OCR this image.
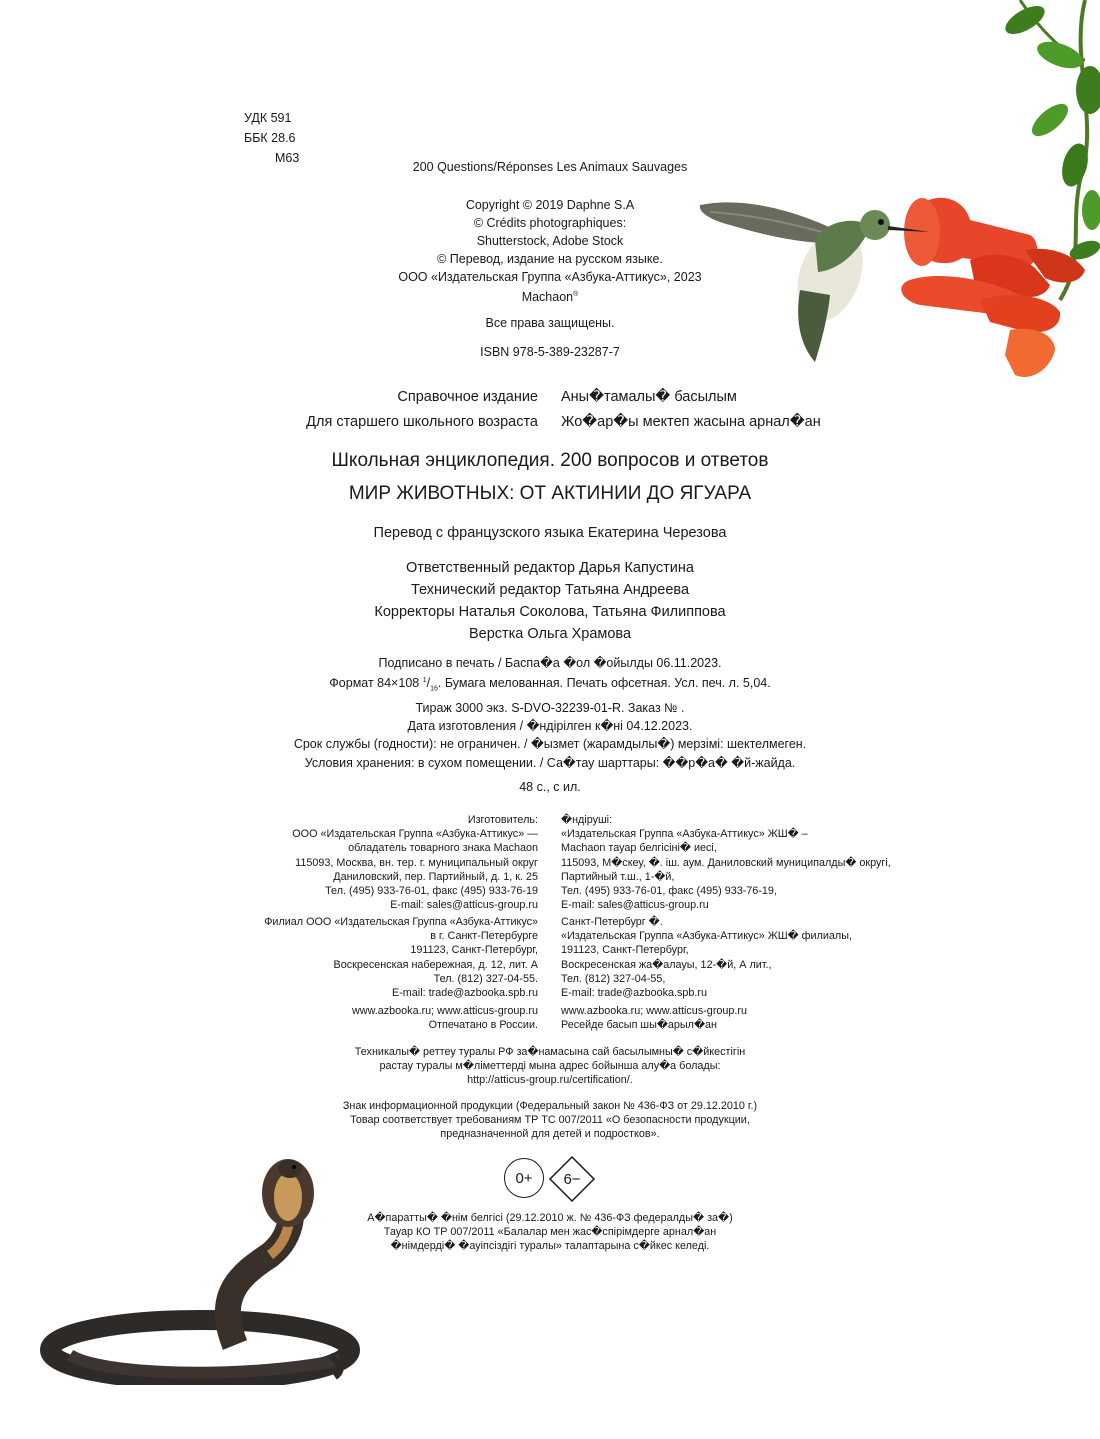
УДК 591
ББК 28.6
М63
200 Questions/Réponses Les Animaux Sauvages
Copyright © 2019 Daphne S.A
© Crédits photographiques:
Shutterstock, Adobe Stock
© Перевод, издание на русском языке.
ООО «Издательская Группа «Азбука-Аттикус», 2023
Machaon®
Все права защищены.
ISBN 978-5-389-23287-7
Справочное издание Аны�тамалы� басылым
Для старшего школьного возраста Жо�ар�ы мектеп жасына арнал�ан
Школьная энциклопедия. 200 вопросов и ответов
МИР ЖИВОТНЫХ: ОТ АКТИНИИ ДО ЯГУАРА
Перевод с французского языка Екатерина Черезова
Ответственный редактор Дарья Капустина
Технический редактор Татьяна Андреева
Корректоры Наталья Соколова, Татьяна Филиппова
Верстка Ольга Храмова
Подписано в печать / Баспа�а �ол �ойылды 06.11.2023.
Формат 84×108 $^1/_{16}$. Бумага мелованная. Печать офсетная. Усл. печ. л. 5,04.
Тираж 3000 экз. S-DVO-32239-01-R. Заказ № .
Дата изготовления / �ндірілген к�ні 04.12.2023.
Срок службы (годности): не ограничен. / �ызмет (жарамдылы�) мерзімі: шектелмеген.
Условия хранения: в сухом помещении. / Са�тау шарттары: ��р�а� �й-жайда.
48 с., с ил.
Изготовитель:
ООО «Издательская Группа «Азбука-Аттикус» —
обладатель товарного знака Machaon
115093, Москва, вн. тер. г. муниципальный округ
Даниловский, пер. Партийный, д. 1, к. 25
Тел. (495) 933-76-01, факс (495) 933-76-19
E-mail: sales@atticus-group.ru
�ндіруші:
«Издательская Группа «Азбука-Аттикус» ЖШ� –
Machaon тауар белгісіні� иесі,
115093, М�скеу, �. іш. аум. Даниловский муниципалды� округі,
Партийный т.ш., 1-�й,
Тел. (495) 933-76-01, факс (495) 933-76-19,
E-mail: sales@atticus-group.ru
Филиал ООО «Издательская Группа «Азбука-Аттикус»
в г. Санкт-Петербурге
191123, Санкт-Петербург,
Воскресенская набережная, д. 12, лит. А
Тел. (812) 327-04-55.
E-mail: trade@azbooka.spb.ru
Санкт-Петербург �.
«Издательская Группа «Азбука-Аттикус» ЖШ� филиалы,
191123, Санкт-Петербург,
Воскресенская жа�алауы, 12-�й, А лит.,
Тел. (812) 327-04-55,
E-mail: trade@azbooka.spb.ru
www.azbooka.ru; www.atticus-group.ru
Отпечатано в России.
www.azbooka.ru; www.atticus-group.ru
Ресейде басып шы�арыл�ан
Техникалы� реттеу туралы РФ за�намасына сай басылымны� с�йкестігін
растау туралы м�ліметтерді мына адрес бойынша алу�а болады:
http://atticus-group.ru/certification/.
Знак информационной продукции (Федеральный закон № 436-ФЗ от 29.12.2010 г.)
Товар соответствует требованиям ТР ТС 007/2011 «О безопасности продукции,
предназначенной для детей и подростков».
0+	6−
А�паратты� �нім белгісі (29.12.2010 ж. № 436-ФЗ федералды� за�)
Тауар КО ТР 007/2011 «Балалар мен жас�спірімдерге арнал�ан
�німдерді� �ауіпсіздігі туралы» талаптарына с�йкес келеді.
